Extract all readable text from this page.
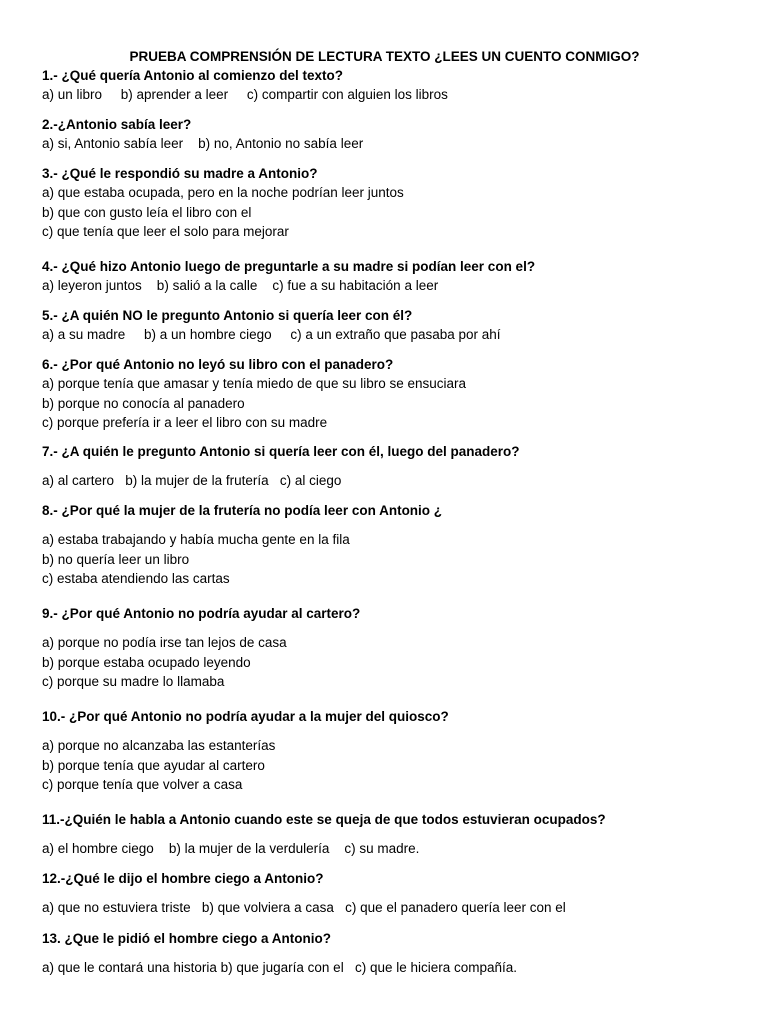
PRUEBA COMPRENSIÓN DE LECTURA TEXTO ¿LEES UN CUENTO CONMIGO?
1.- ¿Qué quería Antonio al comienzo del texto?
a) un libro     b) aprender a leer     c) compartir con alguien los libros
2.-¿Antonio sabía leer?
a) si, Antonio sabía leer    b) no, Antonio no sabía leer
3.- ¿Qué le respondió su madre a Antonio?
a) que estaba ocupada, pero en la noche podrían leer juntos
b) que con gusto leía el libro con el
c) que tenía que leer el solo para mejorar
4.- ¿Qué hizo Antonio luego de preguntarle a su madre si podían leer con el?
a) leyeron juntos    b) salió a la calle    c) fue a su habitación a leer
5.- ¿A quién NO le pregunto Antonio si quería leer con él?
a) a su madre     b) a un hombre ciego     c) a un extraño que pasaba por ahí
6.- ¿Por qué Antonio no leyó su libro con el panadero?
a) porque tenía que amasar y tenía miedo de que su libro se ensuciara
b) porque no conocía al panadero
c) porque prefería ir a leer el libro con su madre
7.- ¿A quién le pregunto Antonio si quería leer con él, luego del panadero?
a) al cartero   b) la mujer de la frutería   c) al ciego
8.- ¿Por qué la mujer de la frutería no podía leer con Antonio ¿
a) estaba trabajando y había mucha gente en la fila
b) no quería leer un libro
c) estaba atendiendo las cartas
9.- ¿Por qué Antonio no podría ayudar al cartero?
a) porque no podía irse tan lejos de casa
b) porque estaba ocupado leyendo
c) porque su madre lo llamaba
10.- ¿Por qué Antonio no podría ayudar a la mujer del quiosco?
a) porque no alcanzaba las estanterías
b) porque tenía que ayudar al cartero
c) porque tenía que volver a casa
11.-¿Quién le habla a Antonio cuando este se queja de que todos estuvieran ocupados?
a) el hombre ciego    b) la mujer de la verdulería    c) su madre.
12.-¿Qué le dijo el hombre ciego a Antonio?
a) que no estuviera triste   b) que volviera a casa   c) que el panadero quería leer con el
13. ¿Que le pidió el hombre ciego a Antonio?
a) que le contará una historia b) que jugaría con el   c) que le hiciera compañía.
